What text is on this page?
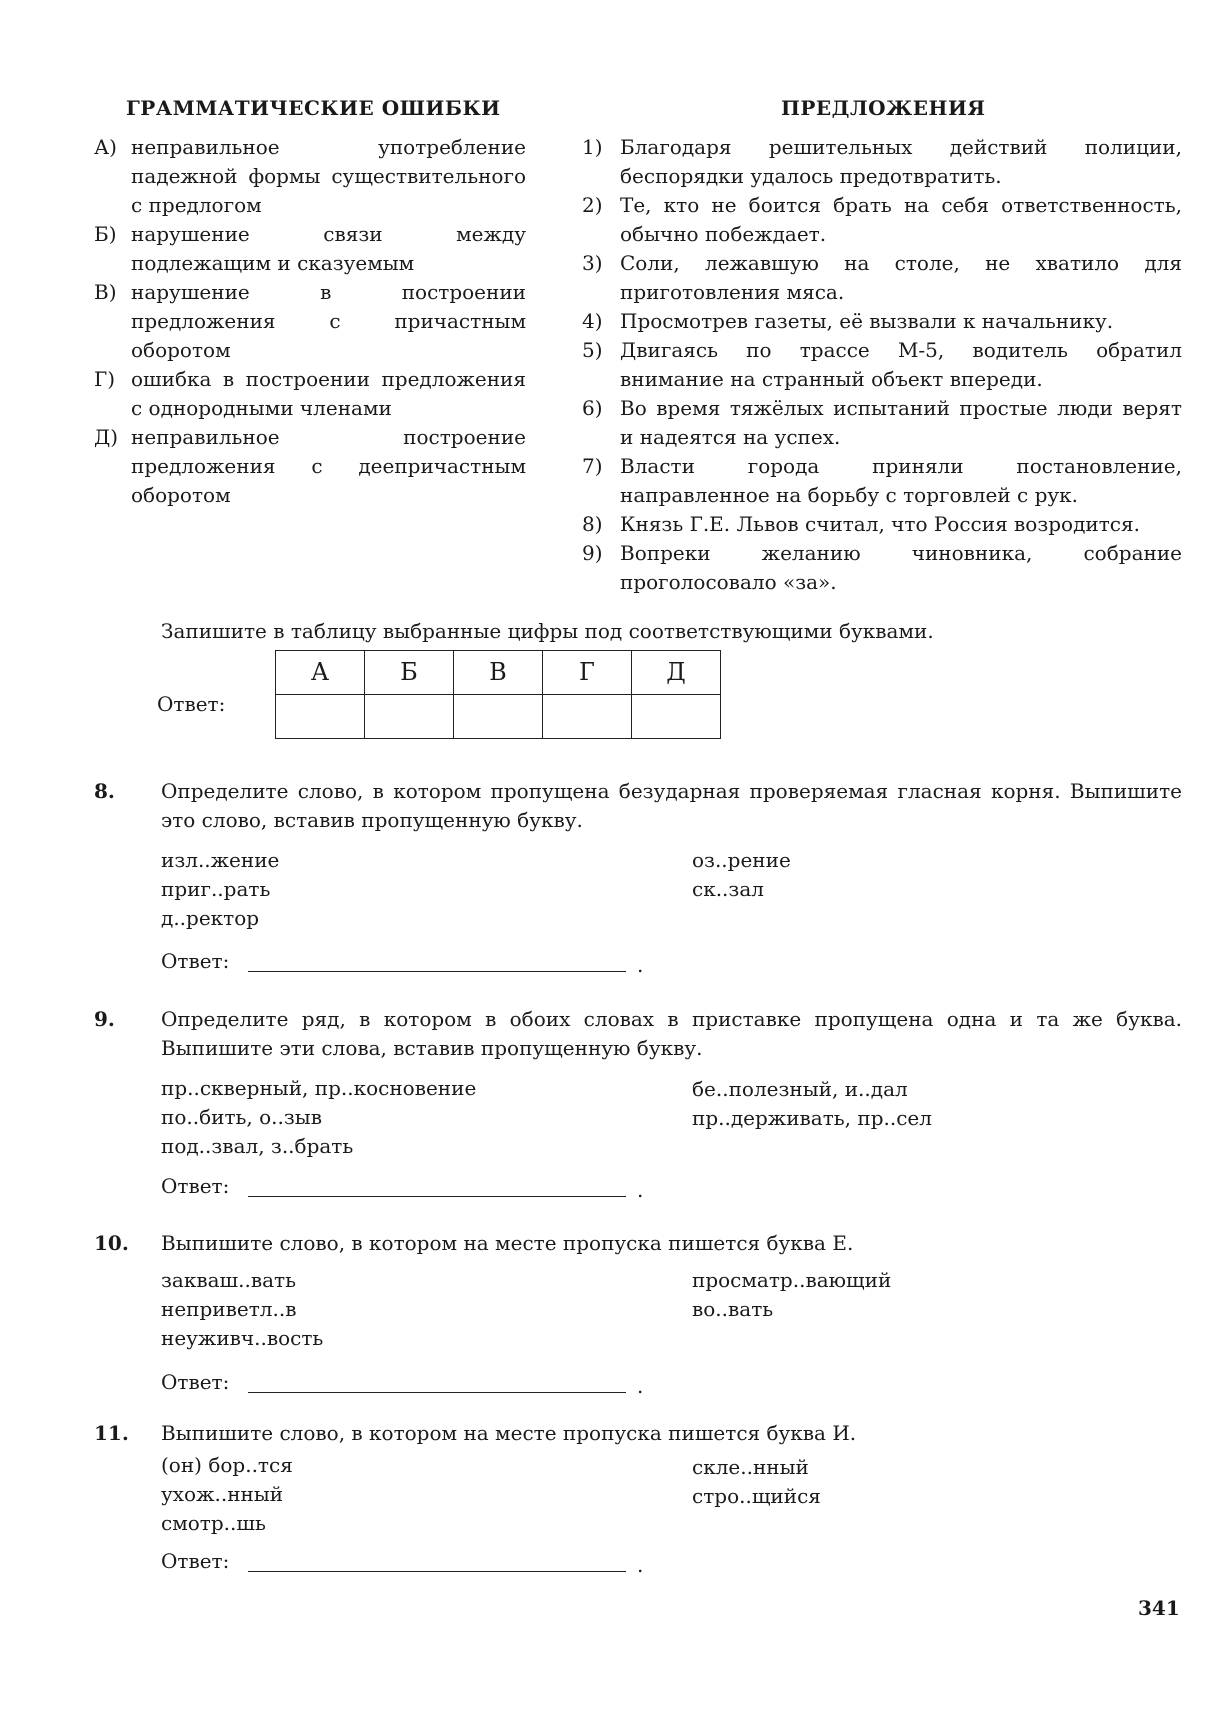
ГРАММАТИЧЕСКИЕ ОШИБКИ	ПРЕДЛОЖЕНИЯ
А) неправильное употребление падежной формы существительного с предлогом
Б) нарушение связи между подлежащим и сказуемым
В) нарушение в построении предложения с причастным оборотом
Г) ошибка в построении предложения с однородными членами
Д) неправильное построение предложения с деепричастным оборотом
1) Благодаря решительных действий полиции, беспорядки удалось предотвратить.
2) Те, кто не боится брать на себя ответственность, обычно побеждает.
3) Соли, лежавшую на столе, не хватило для приготовления мяса.
4) Просмотрев газеты, её вызвали к начальнику.
5) Двигаясь по трассе М-5, водитель обратил внимание на странный объект впереди.
6) Во время тяжёлых испытаний простые люди верят и надеятся на успех.
7) Власти города приняли постановление, направленное на борьбу с торговлей с рук.
8) Князь Г.Е. Львов считал, что Россия возродится.
9) Вопреки желанию чиновника, собрание проголосовало «за».
Запишите в таблицу выбранные цифры под соответствующими буквами.
Ответ:
А	Б	В	Г	Д

8. Определите слово, в котором пропущена безударная проверяемая гласная корня. Выпишите это слово, вставив пропущенную букву.
изл..жение
приг..рать
д..ректор
оз..рение
ск..зал
Ответ:	.
9. Определите ряд, в котором в обоих словах в приставке пропущена одна и та же буква. Выпишите эти слова, вставив пропущенную букву.
пр..скверный, пр..косновение
по..бить, о..зыв
под..звал, з..брать
бе..полезный, и..дал
пр..держивать, пр..сел
Ответ:	.
10. Выпишите слово, в котором на месте пропуска пишется буква Е.
закваш..вать
неприветл..в
неуживч..вость
просматр..вающий
во..вать
Ответ:	.
11. Выпишите слово, в котором на месте пропуска пишется буква И.
(он) бор..тся
ухож..нный
смотр..шь
скле..нный
стро..щийся
Ответ:	.
341
